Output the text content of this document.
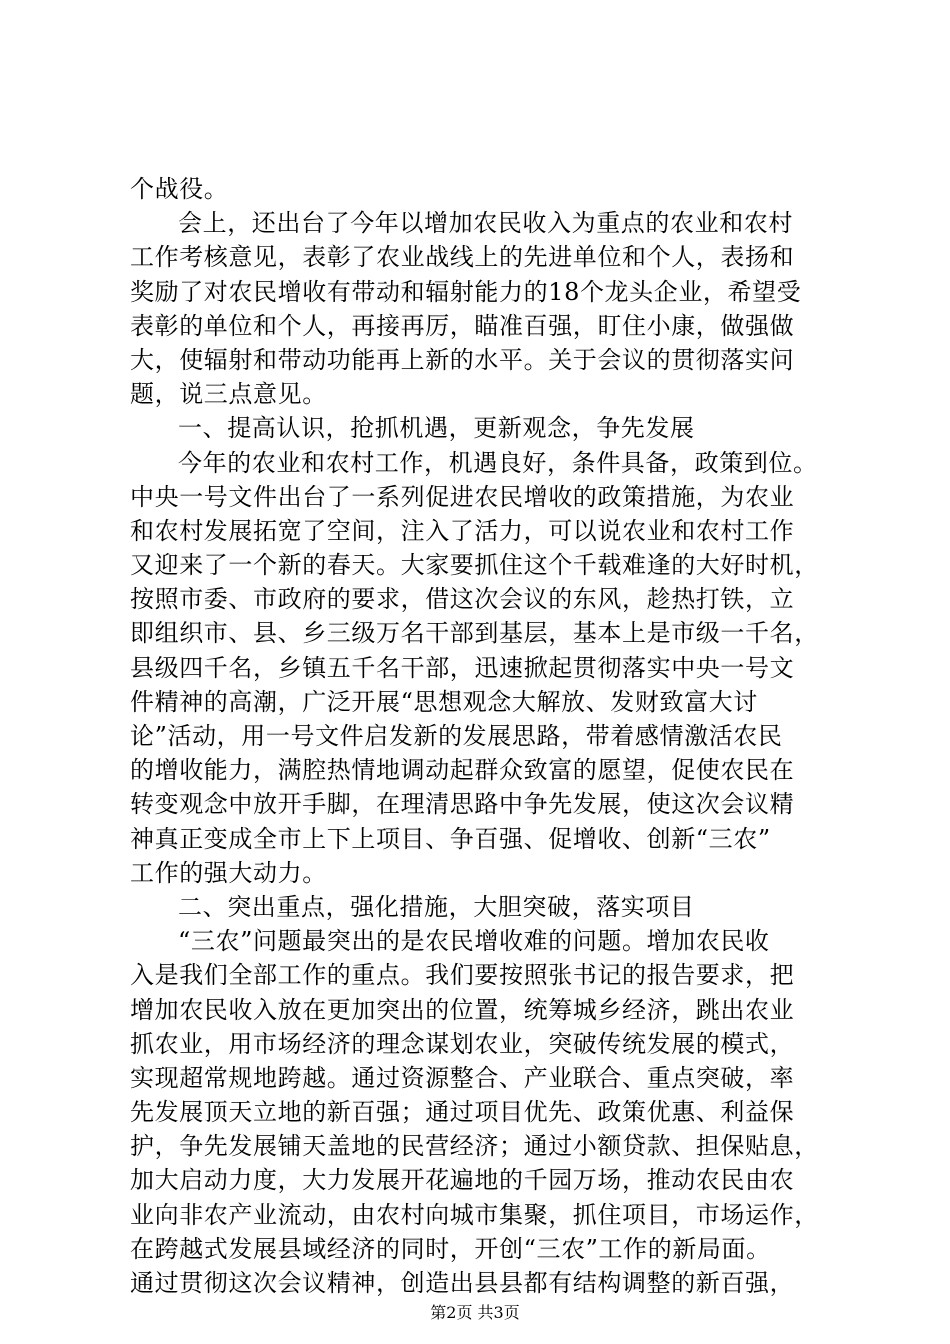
个战役。
会上，还出台了今年以增加农民收入为重点的农业和农村
工作考核意见，表彰了农业战线上的先进单位和个人，表扬和
奖励了对农民增收有带动和辐射能力的18个龙头企业，希望受
表彰的单位和个人，再接再厉，瞄准百强，盯住小康，做强做
大，使辐射和带动功能再上新的水平。关于会议的贯彻落实问
题，说三点意见。
一、提高认识，抢抓机遇，更新观念，争先发展
今年的农业和农村工作，机遇良好，条件具备，政策到位。
中央一号文件出台了一系列促进农民增收的政策措施，为农业
和农村发展拓宽了空间，注入了活力，可以说农业和农村工作
又迎来了一个新的春天。大家要抓住这个千载难逢的大好时机，
按照市委、市政府的要求，借这次会议的东风，趁热打铁，立
即组织市、县、乡三级万名干部到基层，基本上是市级一千名，
县级四千名，乡镇五千名干部，迅速掀起贯彻落实中央一号文
件精神的高潮，广泛开展“思想观念大解放、发财致富大讨
论”活动，用一号文件启发新的发展思路，带着感情激活农民
的增收能力，满腔热情地调动起群众致富的愿望，促使农民在
转变观念中放开手脚，在理清思路中争先发展，使这次会议精
神真正变成全市上下上项目、争百强、促增收、创新“三农”
工作的强大动力。
二、突出重点，强化措施，大胆突破，落实项目
“三农”问题最突出的是农民增收难的问题。增加农民收
入是我们全部工作的重点。我们要按照张书记的报告要求，把
增加农民收入放在更加突出的位置，统筹城乡经济，跳出农业
抓农业，用市场经济的理念谋划农业，突破传统发展的模式，
实现超常规地跨越。通过资源整合、产业联合、重点突破，率
先发展顶天立地的新百强；通过项目优先、政策优惠、利益保
护，争先发展铺天盖地的民营经济；通过小额贷款、担保贴息，
加大启动力度，大力发展开花遍地的千园万场，推动农民由农
业向非农产业流动，由农村向城市集聚，抓住项目，市场运作，
在跨越式发展县域经济的同时，开创“三农”工作的新局面。
通过贯彻这次会议精神，创造出县县都有结构调整的新百强，
第2页 共3页
